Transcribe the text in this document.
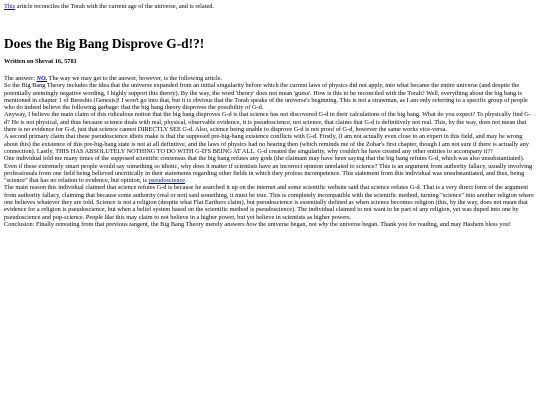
This article reconciles the Torah with the current age of the universe, and is related.

Does the Big Bang Disprove G-d!?!

Written on Shevat 16, 5781

The answer: NO. The way we may get to the answer, however, is the following article.

So the Big Bang Theory includes the idea that the universe expanded from an initial singularity before which the current laws of physics did not apply, into what became the entire universe (and despite the potentially seemingly negative wording, I highly support this theory). By the way, the word 'theory' does not mean 'guess'. How is this to be reconciled with the Torah? Well, everything about the big bang is mentioned in chapter 1 of Bereshis (Genesis)! I won't go into that, but it is obvious that the Torah speaks of the universe's beginning. This is not a strawman, as I am only referring to a specific group of people who do indeed believe the following garbage: that the big bang theory disproves the possibility of G-d.

Anyway, I believe the main claim of this ridiculous notion that the big bang disproves G-d is that science has not discovered G-d in their calculations of the big bang. What do you expect? To physically find G-d? He is not physical, and thus because science deals with real, physical, observable evidence, it is pseudoscience, not science, that claims that G-d is definitively not real. This, by the way, does not mean that there is no evidence for G-d, just that science cannot DIRECTLY SEE G-d. Also, science being unable to disprove G-d is not proof of G-d, however the same works vice-versa.

A second primary claim that these pseudoscience idiots make is that the supposed pre-big-bang existence conflicts with G-d. Firstly, (I am not actually even close to an expert in this field, and may be wrong about this) the existence of this pre-big-bang state is not at all definitive, and the laws of physics had no bearing then (which reminds me of the Zohar's first chapter, though I am not sure if there is actually any connection). Lastly, THIS HAS ABSOLUTELY NOTHING TO DO WITH G-D'S BEING AT ALL. G-d created the singularity, why couldn't he have created any other entities to accompany it??

One individual told me many times of the supposed scientific consensus that the big bang refutes any gods (the claimant may have been saying that the big bang refutes G-d, which was also unsubstantiated). Even if these extremely smart people would say something so idiotic, why does it matter if scientists have an incorrect opinion unrelated to science? This is an argument from authority fallacy, usually involving professionals from one field being believed uncritically in their statements regarding other fields in which they profess incompetence. This statement from this individual was unsubstantiated, and thus, being "science" that has no relation to evidence, but opinion, is pseudoscience.

The main reason this individual claimed that science refutes G-d is because he searched it up on the internet and some scientific website said that science refutes G-d. That is a very direct form of the argument from authority fallacy, claiming that because some authority (real or not) said something, it must be true. This is completely incompatible with the scientific method, turning "science" into another religion where one believes whatever they are told. Science is not a religion (despite what Flat Earthers claim), but pseudoscience is essentially defined as when science becomes religion (this, by the way, does not mean that evidence for a religion is pseudoscience, but when a belief system based on the scientific method is pseudoscience). The individual claimed to not want to be part of any religion, yet was duped into one by pseudoscience and pop-science. People like this may claim to not believe in a higher power, but yet believe in scientists as higher powers.

Conclusion: Finally retreating from that previous tangent, the Big Bang Theory merely answers how the universe began, not why the universe began. Thank you for reading, and may Hashem bless you!
